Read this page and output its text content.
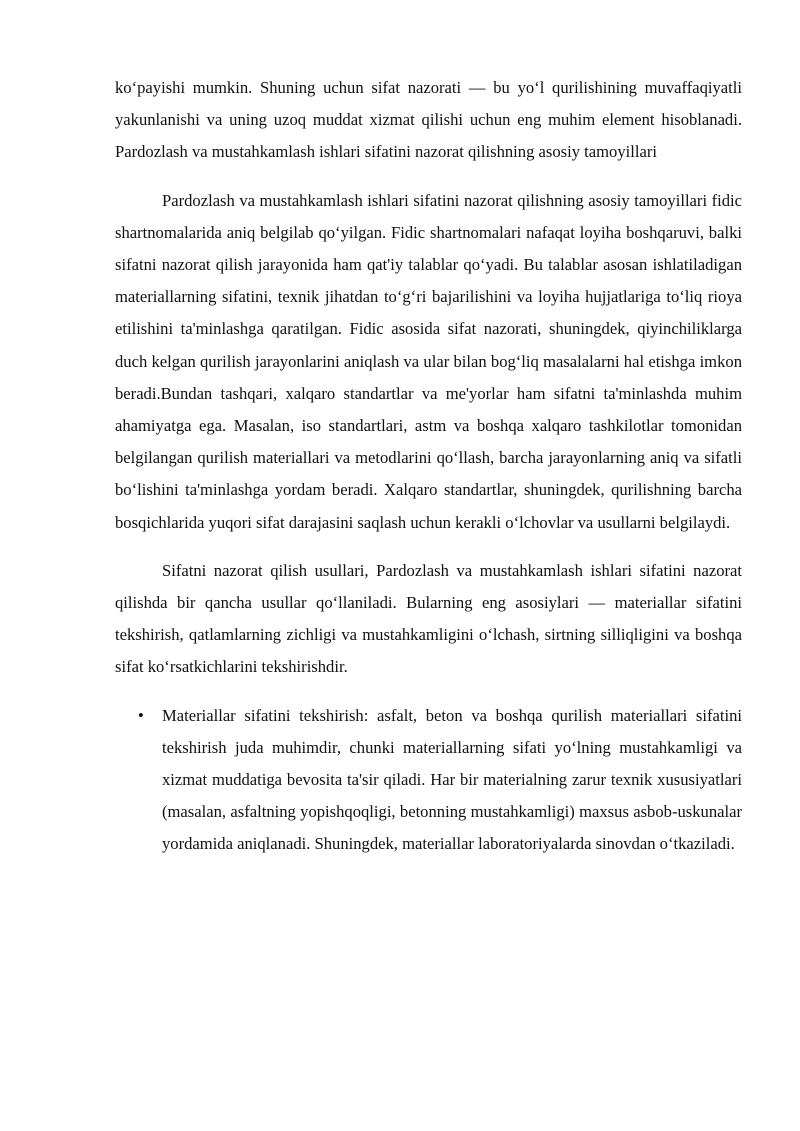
ko‘payishi mumkin. Shuning uchun sifat nazorati — bu yo‘l qurilishining muvaffaqiyatli yakunlanishi va uning uzoq muddat xizmat qilishi uchun eng muhim element hisoblanadi. Pardozlash va mustahkamlash ishlari sifatini nazorat qilishning asosiy tamoyillari

Pardozlash va mustahkamlash ishlari sifatini nazorat qilishning asosiy tamoyillari fidic shartnomalarida aniq belgilab qo‘yilgan. Fidic shartnomalari nafaqat loyiha boshqaruvi, balki sifatni nazorat qilish jarayonida ham qat'iy talablar qo‘yadi. Bu talablar asosan ishlatiladigan materiallarning sifatini, texnik jihatdan to‘g‘ri bajarilishini va loyiha hujjatlariga to‘liq rioya etilishini ta'minlashga qaratilgan. Fidic asosida sifat nazorati, shuningdek, qiyinchiliklarga duch kelgan qurilish jarayonlarini aniqlash va ular bilan bog‘liq masalalarni hal etishga imkon beradi.Bundan tashqari, xalqaro standartlar va me'yorlar ham sifatni ta'minlashda muhim ahamiyatga ega. Masalan, iso standartlari, astm va boshqa xalqaro tashkilotlar tomonidan belgilangan qurilish materiallari va metodlarini qo‘llash, barcha jarayonlarning aniq va sifatli bo‘lishini ta'minlashga yordam beradi. Xalqaro standartlar, shuningdek, qurilishning barcha bosqichlarida yuqori sifat darajasini saqlash uchun kerakli o‘lchovlar va usullarni belgilaydi.

Sifatni nazorat qilish usullari, Pardozlash va mustahkamlash ishlari sifatini nazorat qilishda bir qancha usullar qo‘llaniladi. Bularning eng asosiylari — materiallar sifatini tekshirish, qatlamlarning zichligi va mustahkamligini o‘lchash, sirtning silliqligini va boshqa sifat ko‘rsatkichlarini tekshirishdir.

• Materiallar sifatini tekshirish: asfalt, beton va boshqa qurilish materiallari sifatini tekshirish juda muhimdir, chunki materiallarning sifati yo‘lning mustahkamligi va xizmat muddatiga bevosita ta'sir qiladi. Har bir materialning zarur texnik xususiyatlari (masalan, asfaltning yopishqoqligi, betonning mustahkamligi) maxsus asbob-uskunalar yordamida aniqlanadi. Shuningdek, materiallar laboratoriyalarda sinovdan o‘tkaziladi.
